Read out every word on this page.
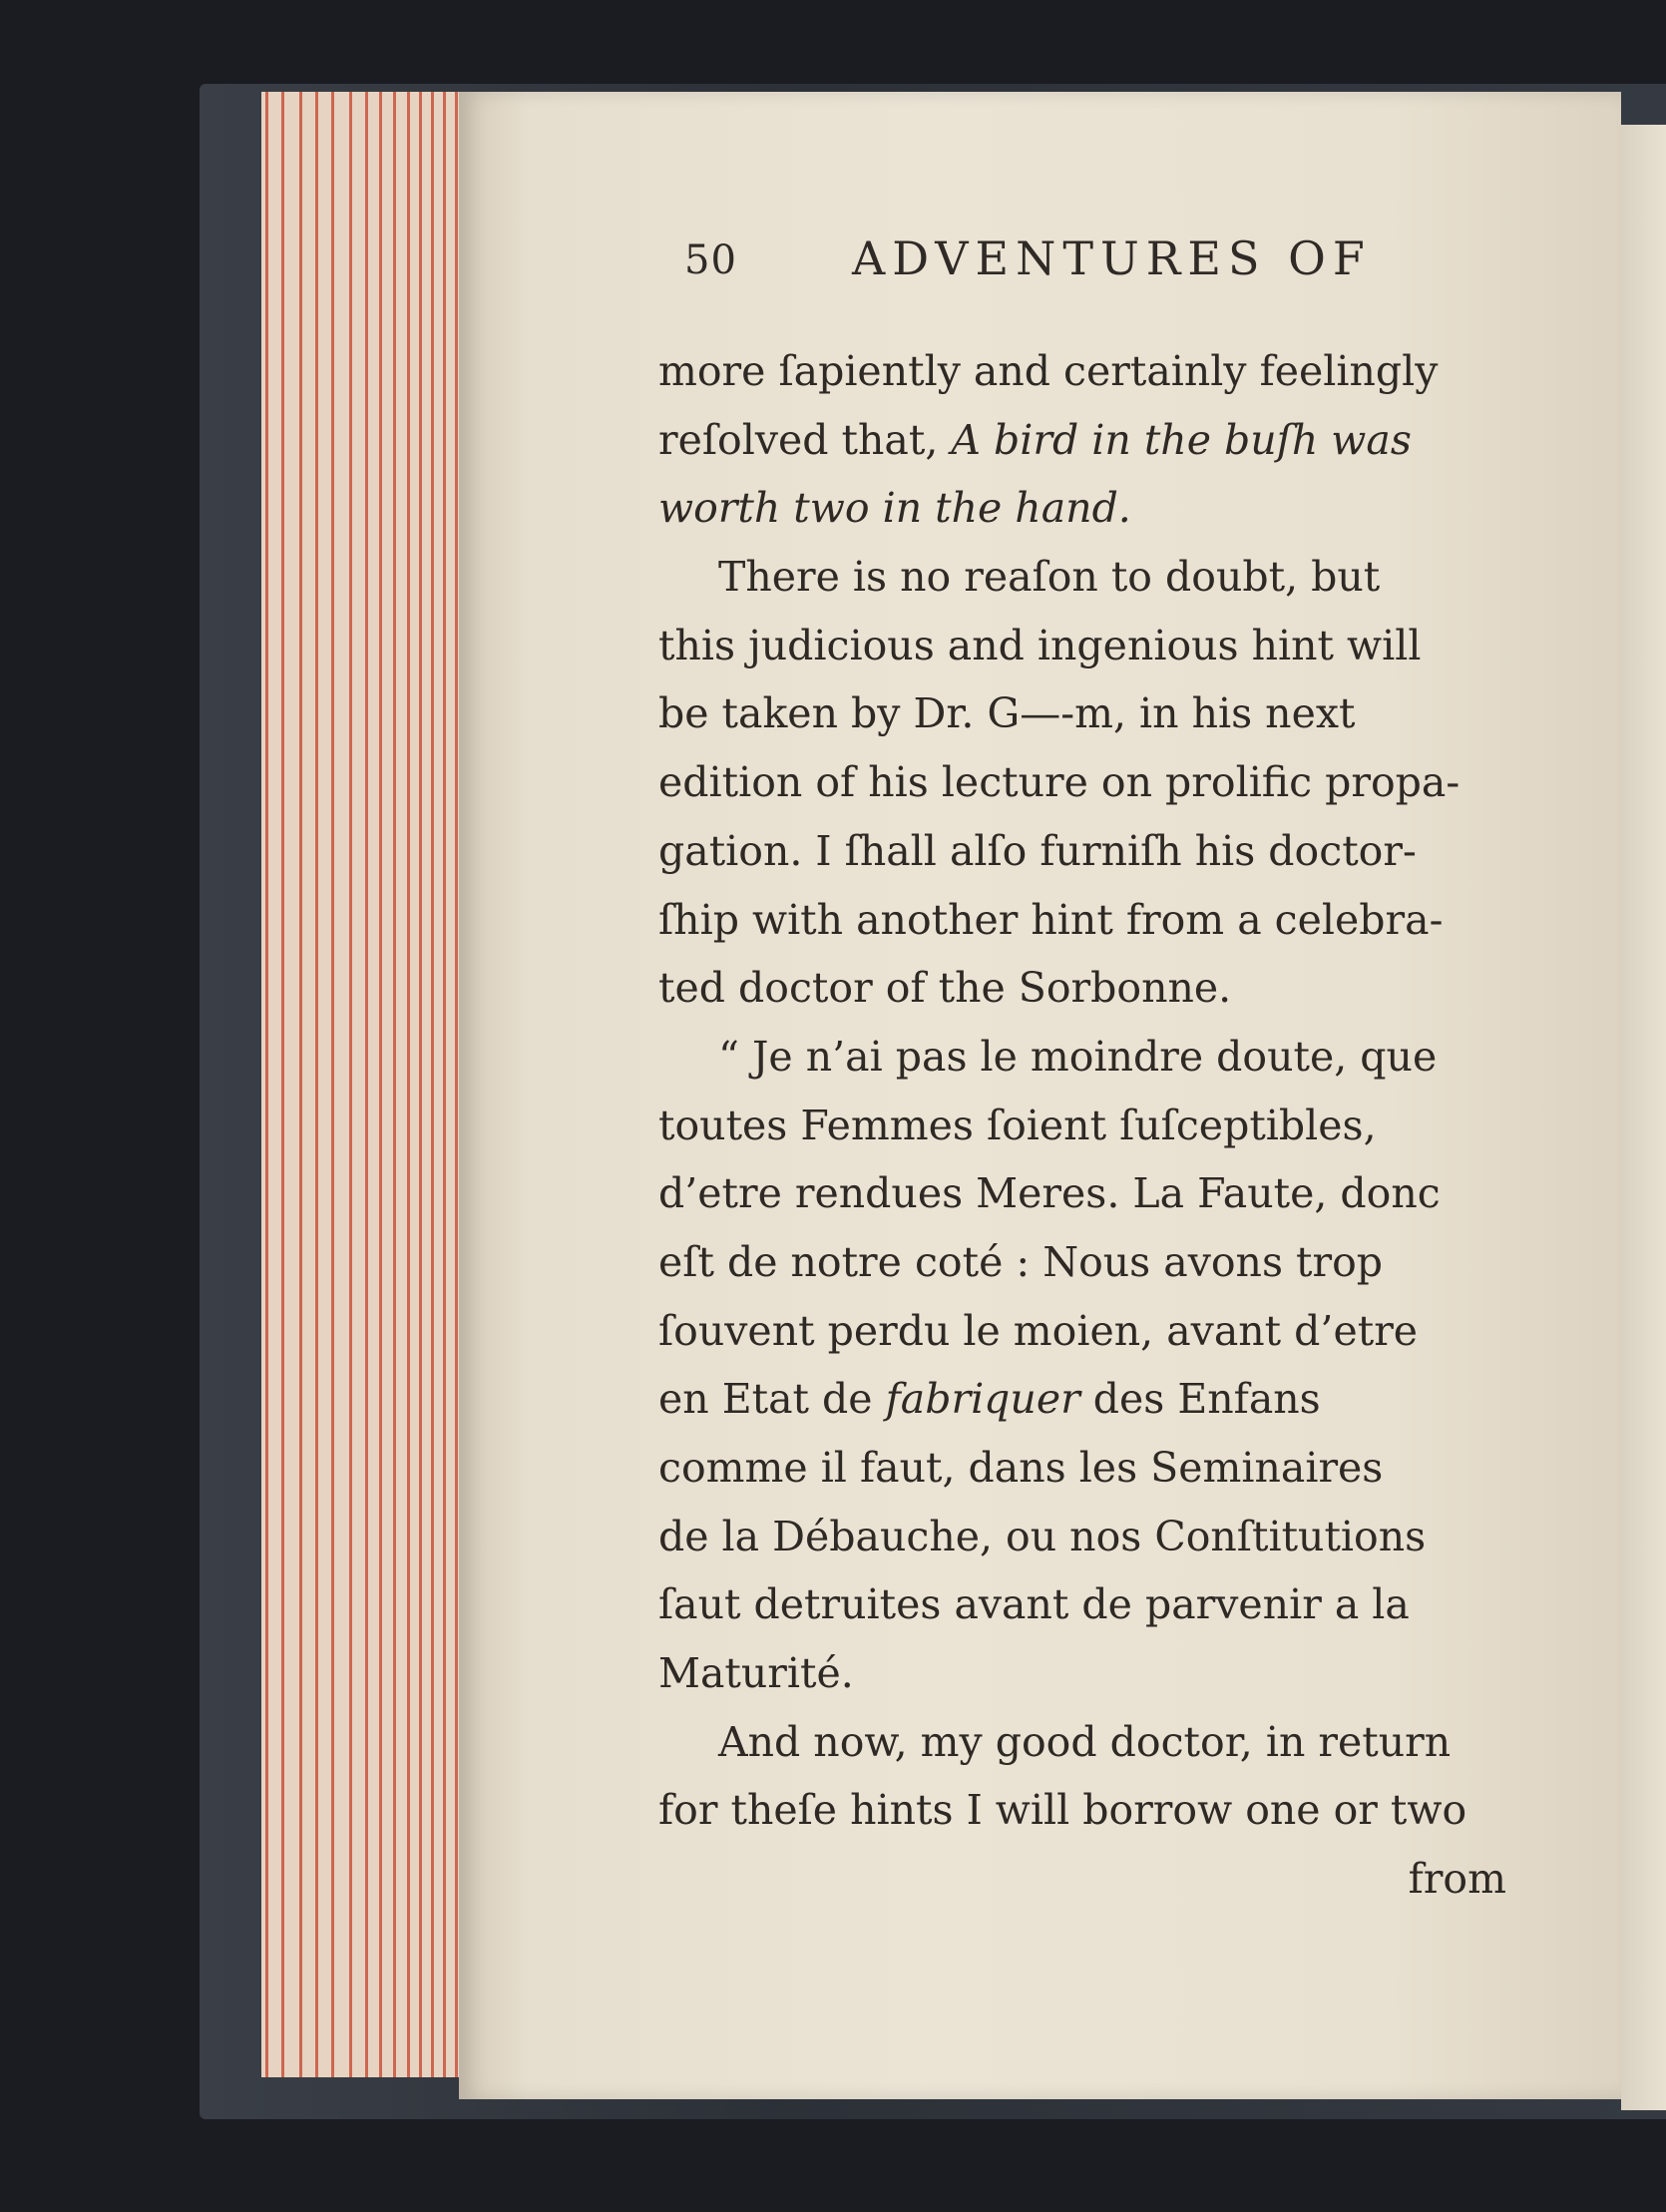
50	ADVENTURES OF
more ſapiently and certainly feelingly
reſolved that, A bird in the buſh was
worth two in the hand.
There is no reaſon to doubt, but
this judicious and ingenious hint will
be taken by Dr. G—-m, in his next
edition of his lecture on prolific propa-
gation. I ſhall alſo furniſh his doctor-
ſhip with another hint from a celebra-
ted doctor of the Sorbonne.
“ Je n’ai pas le moindre doute, que
toutes Femmes ſoient ſuſceptibles,
d’etre rendues Meres. La Faute, donc
eſt de notre coté : Nous avons trop
ſouvent perdu le moien, avant d’etre
en Etat de fabriquer des Enfans
comme il faut, dans les Seminaires
de la Débauche, ou nos Conſtitutions
ſaut detruites avant de parvenir a la
Maturité.
And now, my good doctor, in return
for theſe hints I will borrow one or two
from
